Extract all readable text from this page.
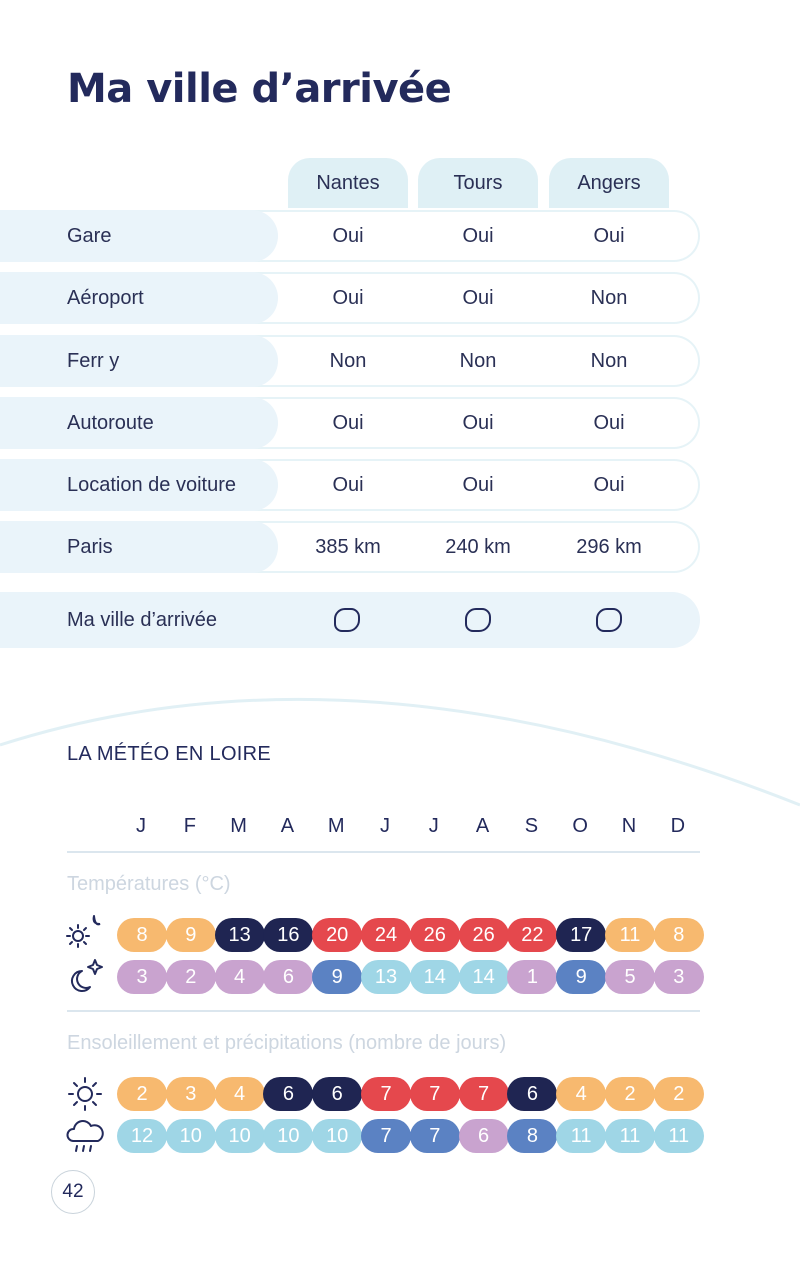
Ma ville d’arrivée
Nantes	Tours	Angers
Gare	Oui	Oui	Oui
Aéroport	Oui	Oui	Non
Ferr y	Non	Non	Non
Autoroute	Oui	Oui	Oui
Location de voiture	Oui	Oui	Oui
Paris	385 km	240 km	296 km
Ma ville d’arrivée
LA MÉTÉO EN LOIRE
J	F	M	A	M	J	J	A	S	O	N	D
Températures (°C)
8	9	13	16	20	24	26	26	22	17	11	8
3	2	4	6	9	13	14	14	1	9	5	3
Ensoleillement et précipitations (nombre de jours)
2	3	4	6	6	7	7	7	6	4	2	2
12	10	10	10	10	7	7	6	8	11	11	11
42
